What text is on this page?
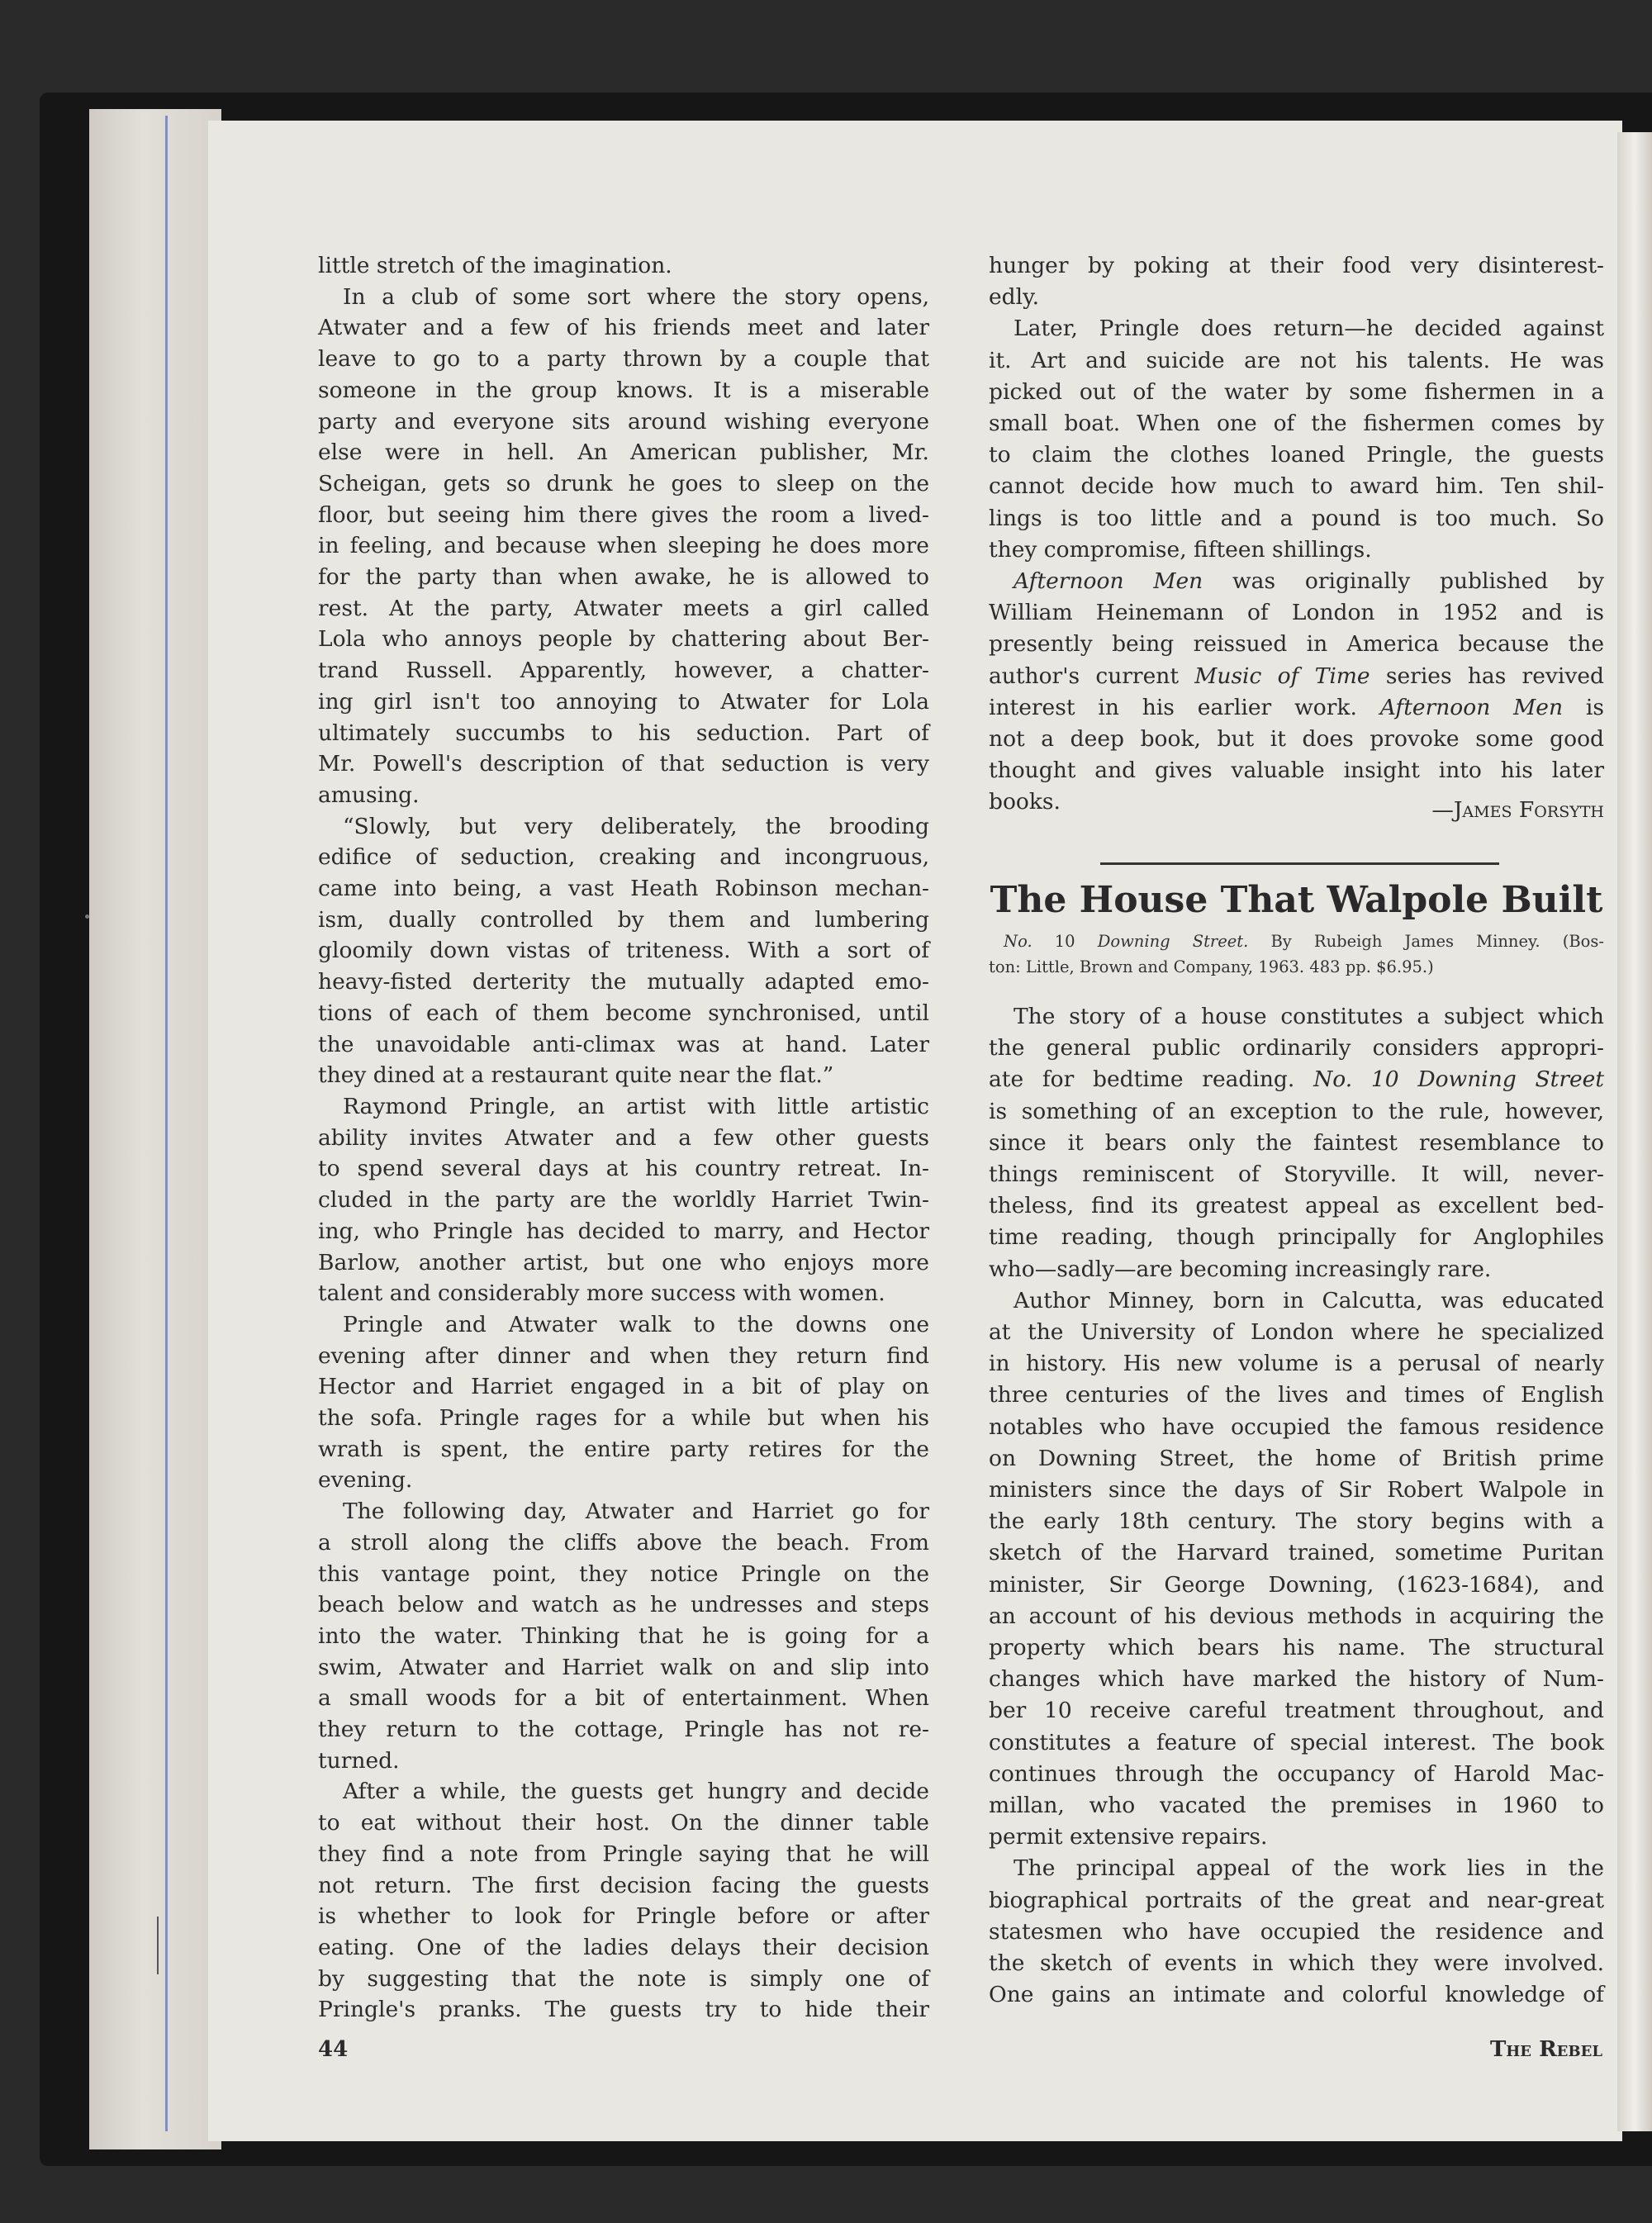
little stretch of the imagination.
In a club of some sort where the story opens,
Atwater and a few of his friends meet and later
leave to go to a party thrown by a couple that
someone in the group knows. It is a miserable
party and everyone sits around wishing everyone
else were in hell. An American publisher, Mr.
Scheigan, gets so drunk he goes to sleep on the
floor, but seeing him there gives the room a lived-
in feeling, and because when sleeping he does more
for the party than when awake, he is allowed to
rest. At the party, Atwater meets a girl called
Lola who annoys people by chattering about Ber-
trand Russell. Apparently, however, a chatter-
ing girl isn't too annoying to Atwater for Lola
ultimately succumbs to his seduction. Part of
Mr. Powell's description of that seduction is very
amusing.
“Slowly, but very deliberately, the brooding
edifice of seduction, creaking and incongruous,
came into being, a vast Heath Robinson mechan-
ism, dually controlled by them and lumbering
gloomily down vistas of triteness. With a sort of
heavy-fisted derterity the mutually adapted emo-
tions of each of them become synchronised, until
the unavoidable anti-climax was at hand. Later
they dined at a restaurant quite near the flat.”
Raymond Pringle, an artist with little artistic
ability invites Atwater and a few other guests
to spend several days at his country retreat. In-
cluded in the party are the worldly Harriet Twin-
ing, who Pringle has decided to marry, and Hector
Barlow, another artist, but one who enjoys more
talent and considerably more success with women.
Pringle and Atwater walk to the downs one
evening after dinner and when they return find
Hector and Harriet engaged in a bit of play on
the sofa. Pringle rages for a while but when his
wrath is spent, the entire party retires for the
evening.
The following day, Atwater and Harriet go for
a stroll along the cliffs above the beach. From
this vantage point, they notice Pringle on the
beach below and watch as he undresses and steps
into the water. Thinking that he is going for a
swim, Atwater and Harriet walk on and slip into
a small woods for a bit of entertainment. When
they return to the cottage, Pringle has not re-
turned.
After a while, the guests get hungry and decide
to eat without their host. On the dinner table
they find a note from Pringle saying that he will
not return. The first decision facing the guests
is whether to look for Pringle before or after
eating. One of the ladies delays their decision
by suggesting that the note is simply one of
Pringle's pranks. The guests try to hide their
hunger by poking at their food very disinterest-
edly.
Later, Pringle does return—he decided against
it. Art and suicide are not his talents. He was
picked out of the water by some fishermen in a
small boat. When one of the fishermen comes by
to claim the clothes loaned Pringle, the guests
cannot decide how much to award him. Ten shil-
lings is too little and a pound is too much. So
they compromise, fifteen shillings.
Afternoon Men was originally published by
William Heinemann of London in 1952 and is
presently being reissued in America because the
author's current Music of Time series has revived
interest in his earlier work. Afternoon Men is
not a deep book, but it does provoke some good
thought and gives valuable insight into his later
books.	—James Forsyth
The House That Walpole Built
No. 10 Downing Street. By Rubeigh James Minney. (Bos-
ton: Little, Brown and Company, 1963. 483 pp. $6.95.)
The story of a house constitutes a subject which
the general public ordinarily considers appropri-
ate for bedtime reading. No. 10 Downing Street
is something of an exception to the rule, however,
since it bears only the faintest resemblance to
things reminiscent of Storyville. It will, never-
theless, find its greatest appeal as excellent bed-
time reading, though principally for Anglophiles
who—sadly—are becoming increasingly rare.
Author Minney, born in Calcutta, was educated
at the University of London where he specialized
in history. His new volume is a perusal of nearly
three centuries of the lives and times of English
notables who have occupied the famous residence
on Downing Street, the home of British prime
ministers since the days of Sir Robert Walpole in
the early 18th century. The story begins with a
sketch of the Harvard trained, sometime Puritan
minister, Sir George Downing, (1623-1684), and
an account of his devious methods in acquiring the
property which bears his name. The structural
changes which have marked the history of Num-
ber 10 receive careful treatment throughout, and
constitutes a feature of special interest. The book
continues through the occupancy of Harold Mac-
millan, who vacated the premises in 1960 to
permit extensive repairs.
The principal appeal of the work lies in the
biographical portraits of the great and near-great
statesmen who have occupied the residence and
the sketch of events in which they were involved.
One gains an intimate and colorful knowledge of
44	The Rebel
